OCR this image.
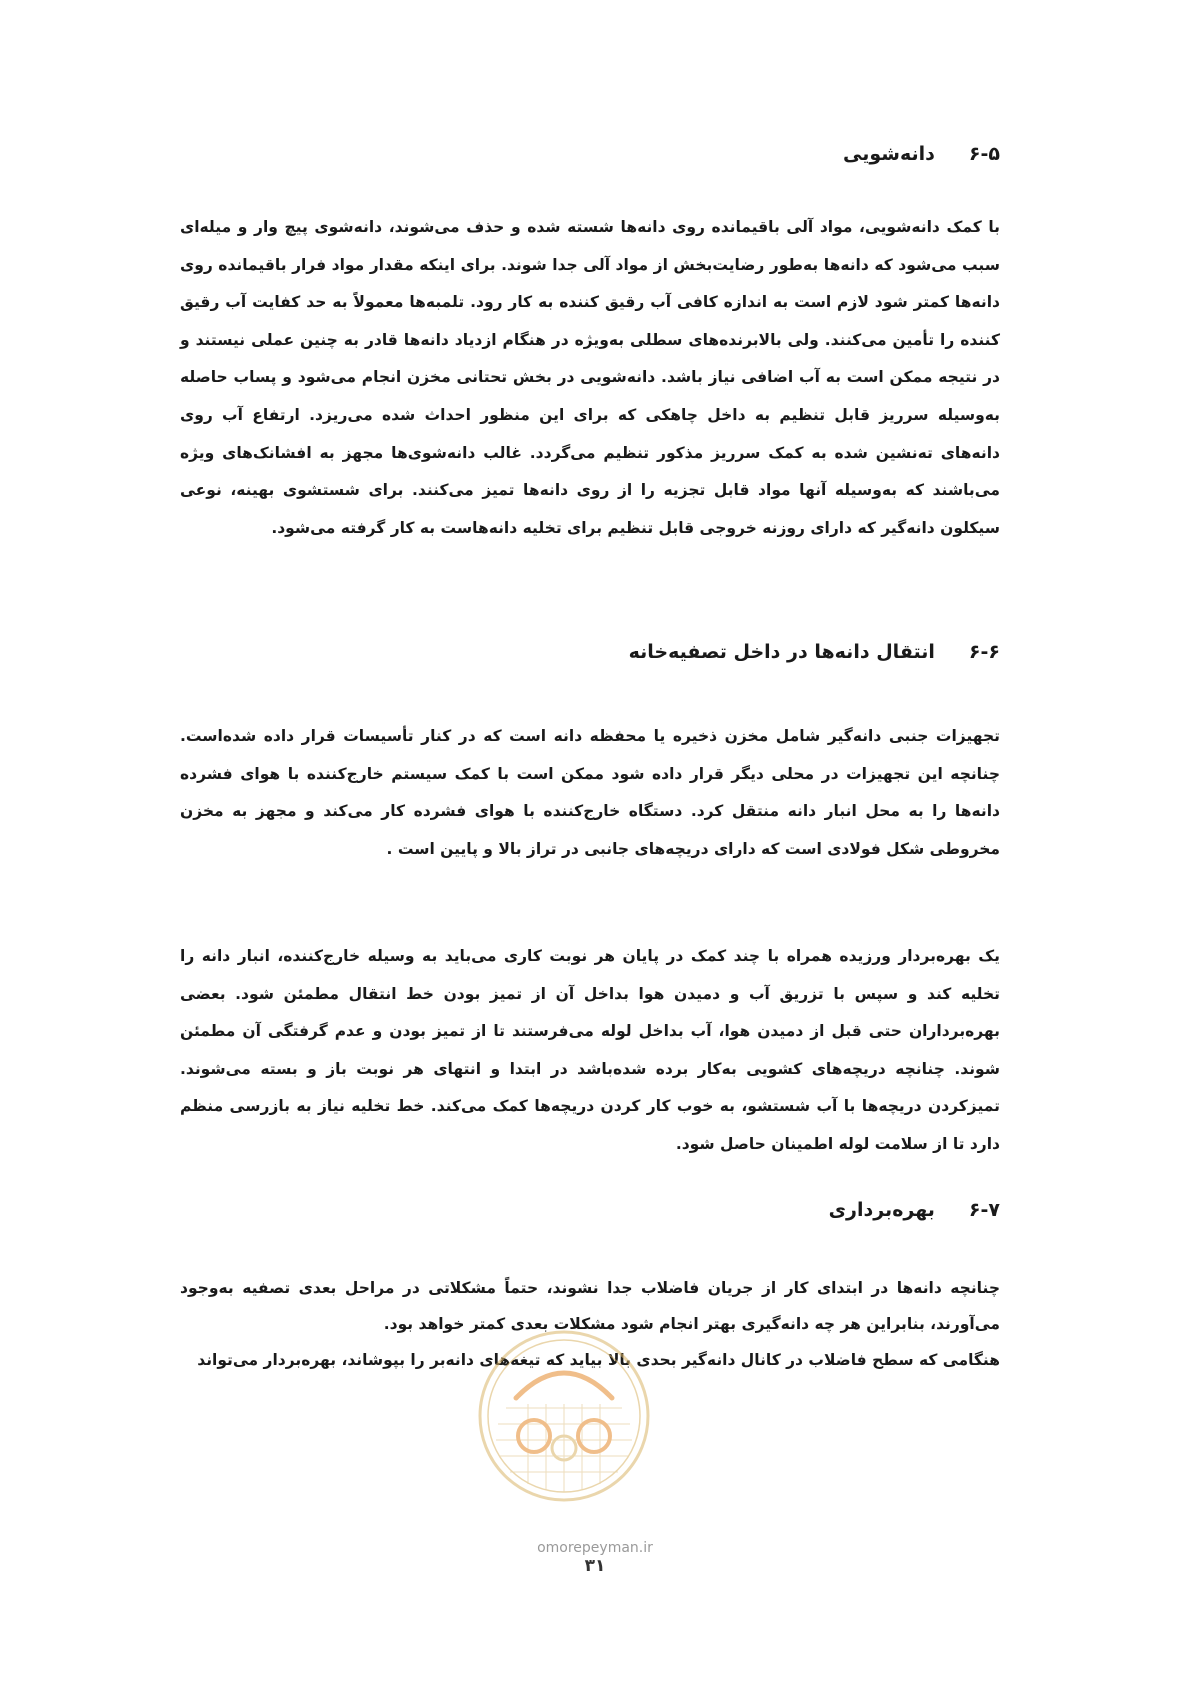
۶-۵دانه‌شویی

با کمک دانه‌شویی، مواد آلی باقیمانده روی دانه‌ها شسته شده و حذف می‌شوند، دانه‌شوی پیچ وار و میله‌ای سبب می‌شود که دانه‌ها به‌طور رضایت‌بخش از مواد آلی جدا شوند. برای اینکه مقدار مواد فرار باقیمانده روی دانه‌ها کمتر شود لازم است به اندازه کافی آب رقیق کننده به کار رود. تلمبه‌ها معمولاً به حد کفایت آب رقیق کننده را تأمین می‌کنند. ولی بالابرنده‌های سطلی به‌ویژه در هنگام ازدیاد دانه‌ها قادر به چنین عملی نیستند و در نتیجه ممکن است به آب اضافی نیاز باشد. دانه‌شویی در بخش تحتانی مخزن انجام می‌شود و پساب حاصله به‌وسیله سرریز قابل تنظیم به داخل چاهکی که برای این منظور احداث شده می‌ریزد. ارتفاع آب روی دانه‌های ته‌نشین شده به کمک سرریز مذکور تنظیم می‌گردد. غالب دانه‌شوی‌ها مجهز به افشانک‌های ویژه می‌باشند که به‌وسیله آنها مواد قابل تجزیه را از روی دانه‌ها تمیز می‌کنند. برای شستشوی بهینه، نوعی سیکلون دانه‌گیر که دارای روزنه خروجی قابل تنظیم برای تخلیه دانه‌هاست به کار گرفته می‌شود.

۶-۶انتقال دانه‌ها در داخل تصفیه‌خانه

تجهیزات جنبی دانه‌گیر شامل مخزن ذخیره یا محفظه دانه است که در کنار تأسیسات قرار داده شده‌است. چنانچه این تجهیزات در محلی دیگر قرار داده شود ممکن است با کمک سیستم خارج‌کننده با هوای فشرده دانه‌ها را به محل انبار دانه منتقل کرد. دستگاه خارج‌کننده با هوای فشرده کار می‌کند و مجهز به مخزن مخروطی شکل فولادی است که دارای دریچه‌های جانبی در تراز بالا و پایین است .

یک بهره‌بردار ورزیده همراه با چند کمک در پایان هر نوبت کاری می‌باید به وسیله خارج‌کننده، انبار دانه را تخلیه کند و سپس با تزریق آب و دمیدن هوا بداخل آن از تمیز بودن خط انتقال مطمئن شود. بعضی بهره‌برداران حتی قبل از دمیدن هوا، آب بداخل لوله می‌فرستند تا از تمیز بودن و عدم گرفتگی آن مطمئن شوند. چنانچه دریچه‌های کشویی به‌کار برده شده‌باشد در ابتدا و انتهای هر نوبت باز و بسته می‌شوند. تمیزکردن دریچه‌ها با آب شستشو، به خوب کار کردن دریچه‌ها کمک می‌کند. خط تخلیه نیاز به بازرسی منظم دارد تا از سلامت لوله اطمینان حاصل شود.

۶-۷بهره‌برداری

چنانچه دانه‌ها در ابتدای کار از جریان فاضلاب جدا نشوند، حتماً مشکلاتی در مراحل بعدی تصفیه به‌وجود می‌آورند، بنابراین هر چه دانه‌گیری بهتر انجام شود مشکلات بعدی کمتر خواهد بود.

هنگامی که سطح فاضلاب در کانال دانه‌گیر بحدی بالا بیاید که تیغه‌های دانه‌بر را بپوشاند، بهره‌بردار می‌تواند

omorepeyman.ir
۳۱
